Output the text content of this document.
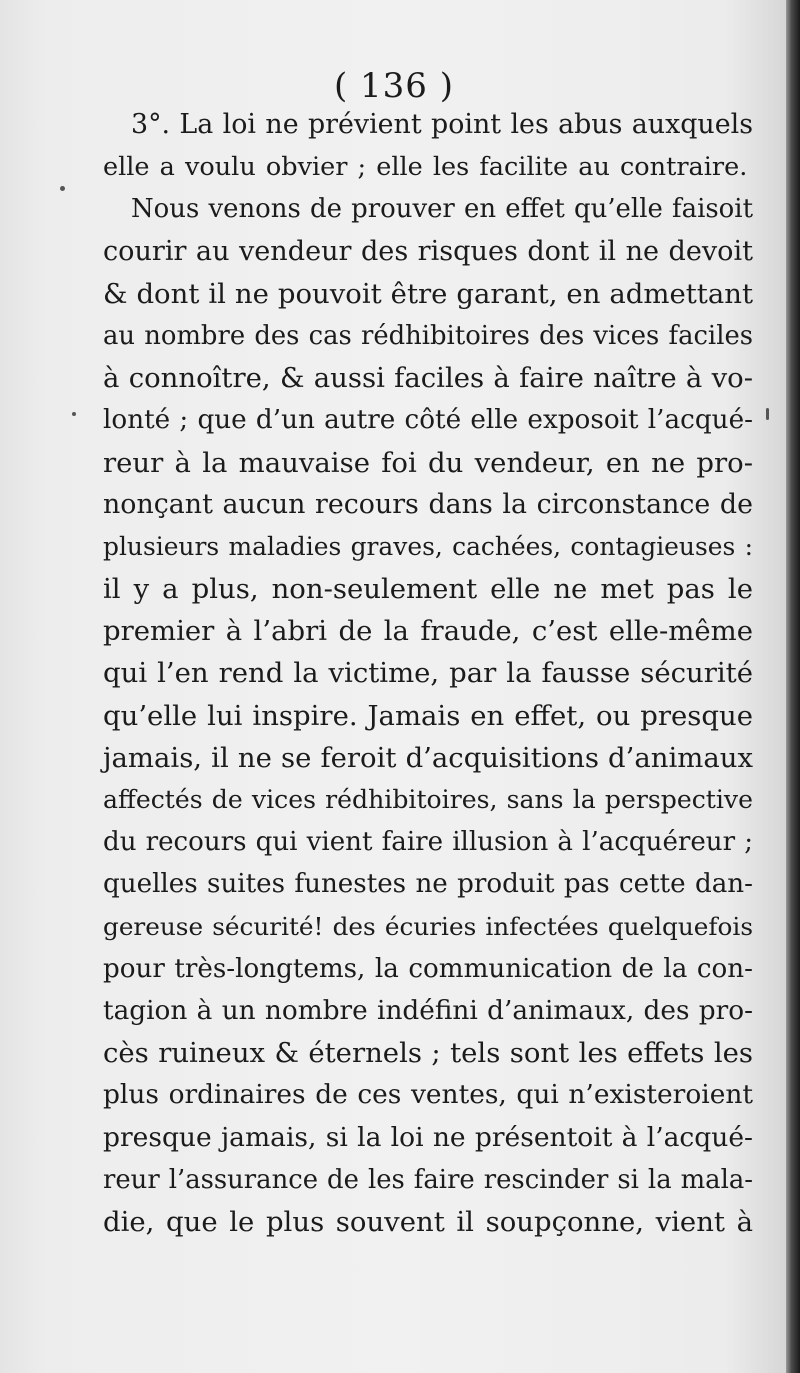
( 136 )
3°. La loi ne prévient point les abus auxquels
elle a voulu obvier ; elle les facilite au contraire.
Nous venons de prouver en effet qu’elle faisoit
courir au vendeur des risques dont il ne devoit
& dont il ne pouvoit être garant, en admettant
au nombre des cas rédhibitoires des vices faciles
à connoître, & aussi faciles à faire naître à vo-
lonté ; que d’un autre côté elle exposoit l’acqué-
reur à la mauvaise foi du vendeur, en ne pro-
nonçant aucun recours dans la circonstance de
plusieurs maladies graves, cachées, contagieuses :
il y a plus, non-seulement elle ne met pas le
premier à l’abri de la fraude, c’est elle-même
qui l’en rend la victime, par la fausse sécurité
qu’elle lui inspire. Jamais en effet, ou presque
jamais, il ne se feroit d’acquisitions d’animaux
affectés de vices rédhibitoires, sans la perspective
du recours qui vient faire illusion à l’acquéreur ;
quelles suites funestes ne produit pas cette dan-
gereuse sécurité! des écuries infectées quelquefois
pour très-longtems, la communication de la con-
tagion à un nombre indéfini d’animaux, des pro-
cès ruineux & éternels ; tels sont les effets les
plus ordinaires de ces ventes, qui n’existeroient
presque jamais, si la loi ne présentoit à l’acqué-
reur l’assurance de les faire rescinder si la mala-
die, que le plus souvent il soupçonne, vient à
